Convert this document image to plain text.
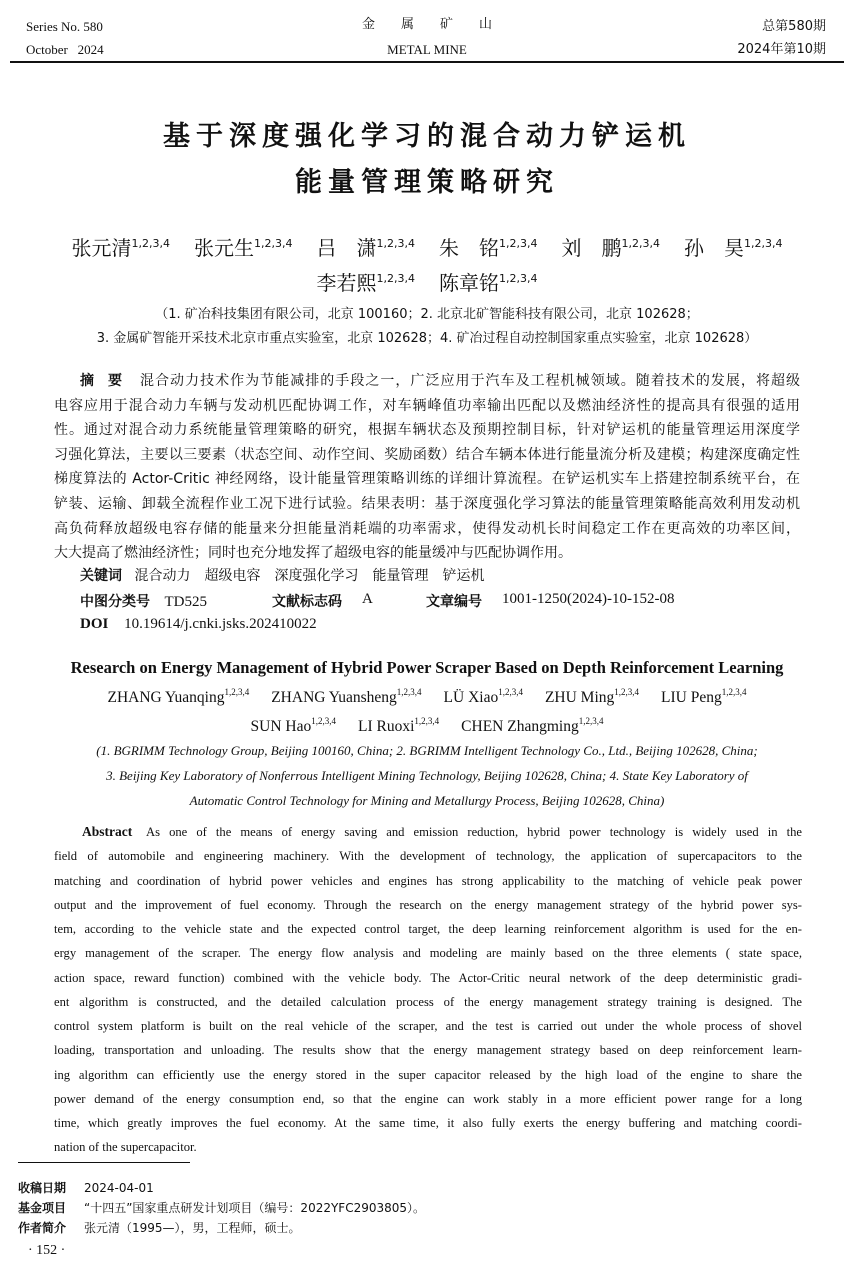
Series No. 580
October   2024
金　　属　　矿　　山
METAL MINE
总第580期
2024年第10期
基于深度强化学习的混合动力铲运机
能量管理策略研究
张元清$^{1,2,3,4}$ 张元生$^{1,2,3,4}$ 吕　潇$^{1,2,3,4}$ 朱　铭$^{1,2,3,4}$ 刘　鹏$^{1,2,3,4}$ 孙　昊$^{1,2,3,4}$
李若熙$^{1,2,3,4}$ 陈章铭$^{1,2,3,4}$
（1. 矿冶科技集团有限公司，北京 100160；2. 北京北矿智能科技有限公司，北京 102628；
3. 金属矿智能开采技术北京市重点实验室，北京 102628；4. 矿冶过程自动控制国家重点实验室，北京 102628）
摘　要	混合动力技术作为节能减排的手段之一，广泛应用于汽车及工程机械领域。随着技术的发展，将超级
电容应用于混合动力车辆与发动机匹配协调工作，对车辆峰值功率输出匹配以及燃油经济性的提高具有很强的适用
性。通过对混合动力系统能量管理策略的研究，根据车辆状态及预期控制目标，针对铲运机的能量管理运用深度学
习强化算法，主要以三要素（状态空间、动作空间、奖励函数）结合车辆本体进行能量流分析及建模；构建深度确定性
梯度算法的 Actor-Critic 神经网络，设计能量管理策略训练的详细计算流程。在铲运机实车上搭建控制系统平台，在
铲装、运输、卸载全流程作业工况下进行试验。结果表明：基于深度强化学习算法的能量管理策略能高效利用发动机
高负荷释放超级电容存储的能量来分担能量消耗端的功率需求，使得发动机长时间稳定工作在更高效的功率区间，
大大提高了燃油经济性；同时也充分地发挥了超级电容的能量缓冲与匹配协调作用。
关键词 混合动力 超级电容 深度强化学习 能量管理 铲运机
中图分类号 TD525	文献标志码 A	文章编号 1001-1250(2024)-10-152-08
DOI 10.19614/j.cnki.jsks.202410022
Research on Energy Management of Hybrid Power Scraper Based on Depth Reinforcement Learning
ZHANG Yuanqing$^{1,2,3,4}$ ZHANG Yuansheng$^{1,2,3,4}$ LÜ Xiao$^{1,2,3,4}$ ZHU Ming$^{1,2,3,4}$ LIU Peng$^{1,2,3,4}$
SUN Hao$^{1,2,3,4}$ LI Ruoxi$^{1,2,3,4}$ CHEN Zhangming$^{1,2,3,4}$
(1. BGRIMM Technology Group, Beijing 100160, China; 2. BGRIMM Intelligent Technology Co., Ltd., Beijing 102628, China;
3. Beijing Key Laboratory of Nonferrous Intelligent Mining Technology, Beijing 102628, China; 4. State Key Laboratory of
Automatic Control Technology for Mining and Metallurgy Process, Beijing 102628, China)
Abstract	As one of the means of energy saving and emission reduction, hybrid power technology is widely used in the
field of automobile and engineering machinery. With the development of technology, the application of supercapacitors to the
matching and coordination of hybrid power vehicles and engines has strong applicability to the matching of vehicle peak power
output and the improvement of fuel economy. Through the research on the energy management strategy of the hybrid power sys-
tem, according to the vehicle state and the expected control target, the deep learning reinforcement algorithm is used for the en-
ergy management of the scraper. The energy flow analysis and modeling are mainly based on the three elements ( state space,
action space, reward function) combined with the vehicle body. The Actor-Critic neural network of the deep deterministic gradi-
ent algorithm is constructed, and the detailed calculation process of the energy management strategy training is designed. The
control system platform is built on the real vehicle of the scraper, and the test is carried out under the whole process of shovel
loading, transportation and unloading. The results show that the energy management strategy based on deep reinforcement learn-
ing algorithm can efficiently use the energy stored in the super capacitor released by the high load of the engine to share the
power demand of the energy consumption end, so that the engine can work stably in a more efficient power range for a long
time, which greatly improves the fuel economy. At the same time, it also fully exerts the energy buffering and matching coordi-
nation of the supercapacitor.
收稿日期 2024-04-01
基金项目 “十四五”国家重点研发计划项目（编号：2022YFC2903805）。
作者简介 张元清（1995—），男，工程师，硕士。
· 152 ·
